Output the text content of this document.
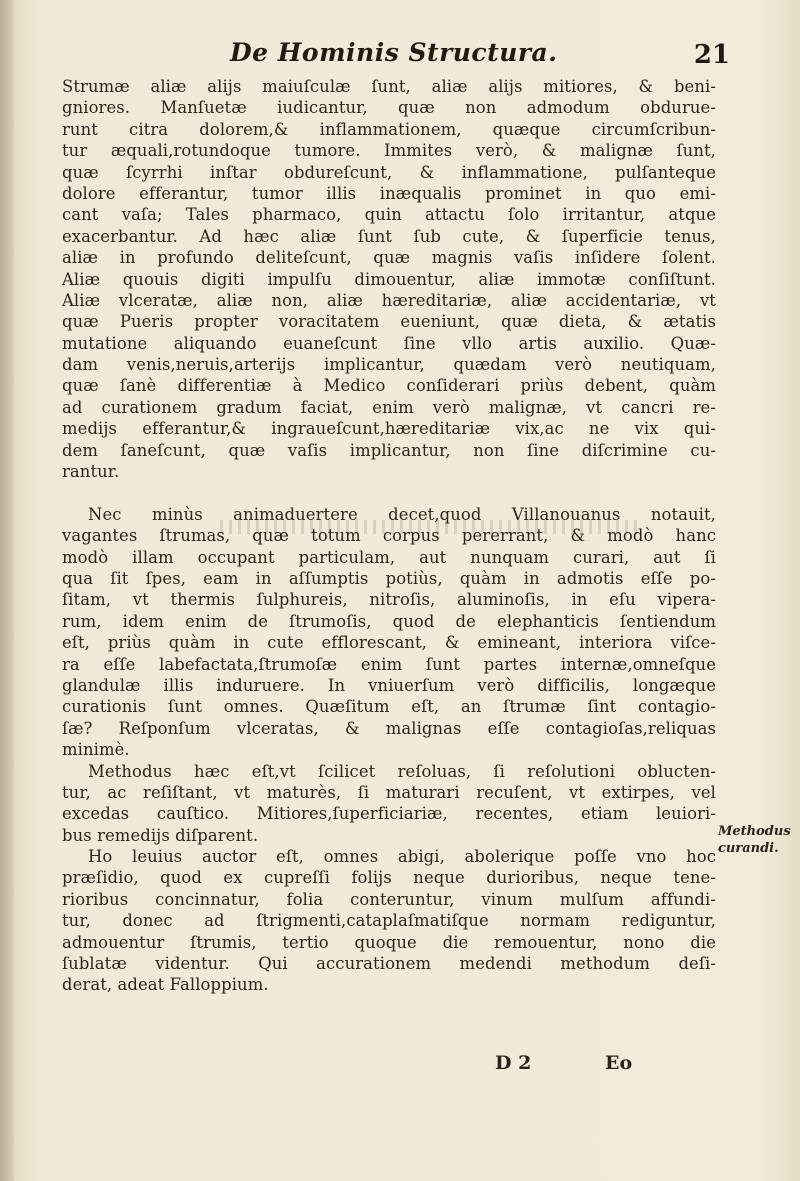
De Hominis Structura.	21
Strumæ aliæ alijs maiuſculæ ſunt, aliæ alijs mitiores, & beni-
gniores. Manſuetæ iudicantur, quæ non admodum obdurue-
runt citra dolorem,& inflammationem, quæque circumſcribun-
tur æquali,rotundoque tumore. Immites verò, & malignæ ſunt,
quæ ſcyrrhi inſtar obdureſcunt, & inflammatione, pulſanteque
dolore efferantur, tumor illis inæqualis prominet in quo emi-
cant vaſa; Tales pharmaco, quin attactu ſolo irritantur, atque
exacerbantur. Ad hæc aliæ ſunt ſub cute, & ſuperficie tenus,
aliæ in profundo deliteſcunt, quæ magnis vaſis inſidere ſolent.
Aliæ quouis digiti impulſu dimouentur, aliæ immotæ conſiſtunt.
Aliæ vlceratæ, aliæ non, aliæ hæreditariæ, aliæ accidentariæ, vt
quæ Pueris propter voracitatem eueniunt, quæ dieta, & ætatis
mutatione aliquando euaneſcunt ſine vllo artis auxilio. Quæ-
dam venis,neruis,arterijs implicantur, quædam verò neutiquam,
quæ ſanè differentiæ à Medico conſiderari priùs debent, quàm
ad curationem gradum faciat, enim verò malignæ, vt cancri re-
medijs efferantur,& ingraueſcunt,hæreditariæ vix,ac ne vix qui-
dem ſaneſcunt, quæ vaſis implicantur, non ſine diſcrimine cu-
rantur.
Nec minùs animaduertere decet,quod Villanouanus notauit,
vagantes ſtrumas, quæ totum corpus pererrant, & modò hanc
modò illam occupant particulam, aut nunquam curari, aut ſi
qua ſit ſpes, eam in aſſumptis potiùs, quàm in admotis eſſe po-
ſitam, vt thermis ſulphureis, nitroſis, aluminoſis, in eſu vipera-
rum, idem enim de ſtrumoſis, quod de elephanticis ſentiendum
eſt, priùs quàm in cute efflorescant, & emineant, interiora viſce-
ra eſſe labefactata,ſtrumoſæ enim ſunt partes internæ,omneſque
glandulæ illis induruere. In vniuerſum verò difficilis, longæque
curationis ſunt omnes. Quæſitum eſt, an ſtrumæ ſint contagio-
ſæ? Reſponſum vlceratas, & malignas eſſe contagioſas,reliquas
minimè.
Methodus hæc eſt,vt ſcilicet reſoluas, ſi reſolutioni oblucten-
tur, ac reſiſtant, vt maturès, ſi maturari recuſent, vt extirpes, vel
excedas cauſtico. Mitiores,ſuperficiariæ, recentes, etiam leuiori-
bus remedijs diſparent.
Ho leuius auctor eſt, omnes abigi, abolerique poſſe vno hoc
præſidio, quod ex cupreſſi folijs neque durioribus, neque tene-
rioribus concinnatur, folia conteruntur, vinum mulſum affundi-
tur, donec ad ſtrigmenti,cataplaſmatiſque normam rediguntur,
admouentur ſtrumis, tertio quoque die remouentur, nono die
ſublatæ videntur. Qui accurationem medendi methodum deſi-
derat, adeat Falloppium.
Methodus
curandi.
D 2	Eo
